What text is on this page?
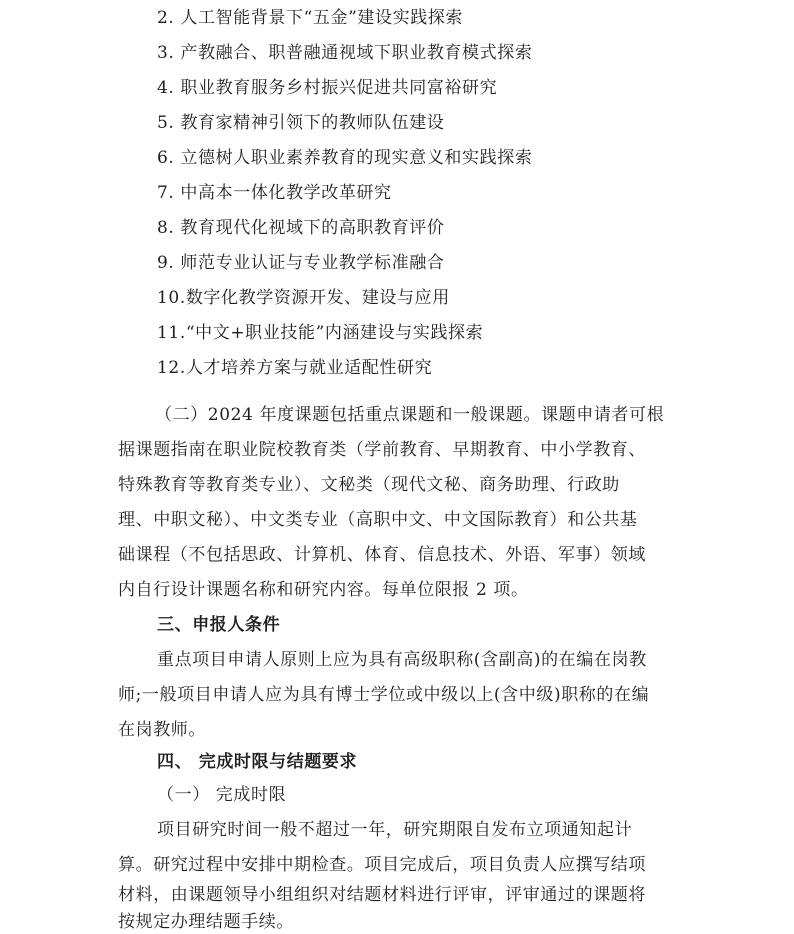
2. 人工智能背景下“五金”建设实践探索
3. 产教融合、职普融通视域下职业教育模式探索
4. 职业教育服务乡村振兴促进共同富裕研究
5. 教育家精神引领下的教师队伍建设
6. 立德树人职业素养教育的现实意义和实践探索
7. 中高本一体化教学改革研究
8. 教育现代化视域下的高职教育评价
9. 师范专业认证与专业教学标准融合
10.数字化教学资源开发、建设与应用
11.“中文+职业技能”内涵建设与实践探索
12.人才培养方案与就业适配性研究
（二）2024 年度课题包括重点课题和一般课题。课题申请者可根
据课题指南在职业院校教育类（学前教育、早期教育、中小学教育、
特殊教育等教育类专业）、文秘类（现代文秘、商务助理、行政助
理、中职文秘）、中文类专业（高职中文、中文国际教育）和公共基
础课程（不包括思政、计算机、体育、信息技术、外语、军事）领域
内自行设计课题名称和研究内容。每单位限报 2 项。
三、申报人条件
重点项目申请人原则上应为具有高级职称(含副高)的在编在岗教
师;一般项目申请人应为具有博士学位或中级以上(含中级)职称的在编
在岗教师。
四、 完成时限与结题要求
（一） 完成时限
项目研究时间一般不超过一年，研究期限自发布立项通知起计
算。研究过程中安排中期检查。项目完成后，项目负责人应撰写结项
材料，由课题领导小组组织对结题材料进行评审，评审通过的课题将
按规定办理结题手续。
